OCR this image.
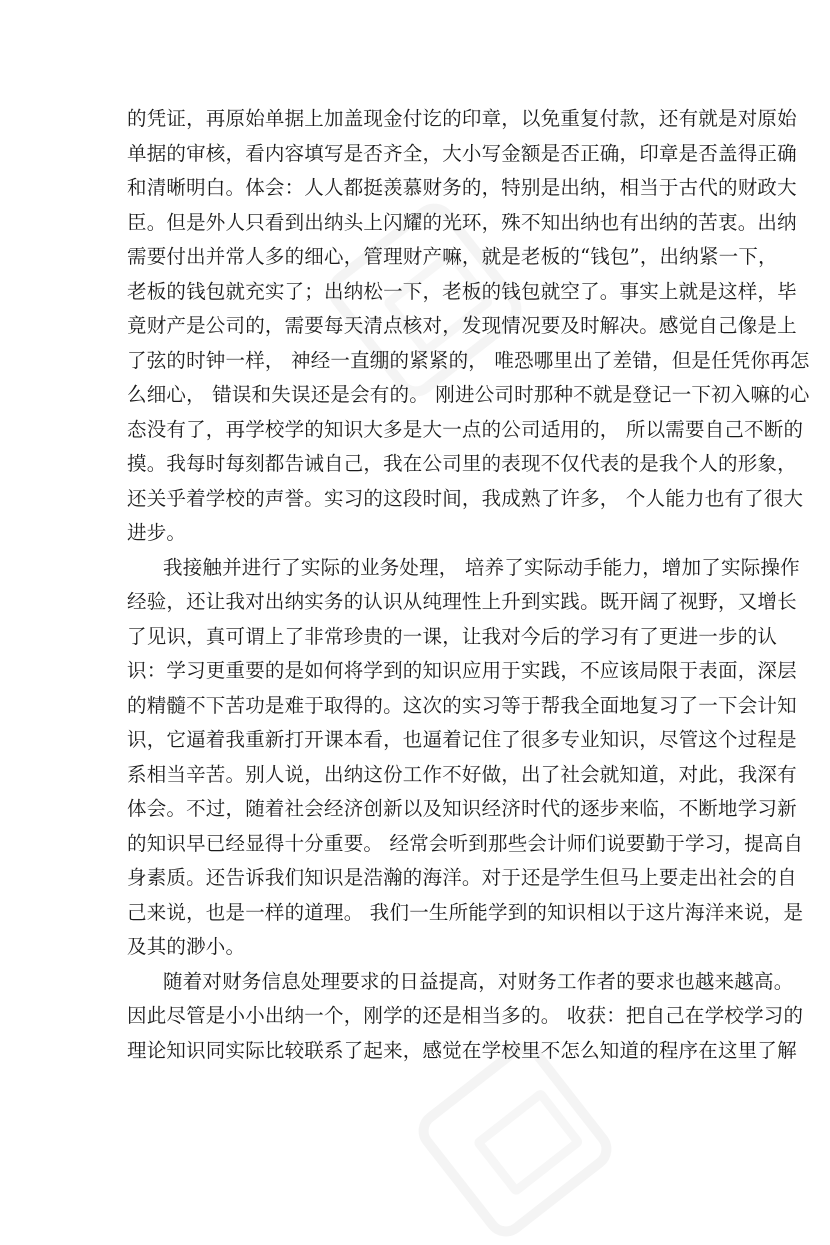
的凭证，再原始单据上加盖现金付讫的印章，以免重复付款，还有就是对原始
单据的审核，看内容填写是否齐全，大小写金额是否正确，印章是否盖得正确
和清晰明白。体会：人人都挺羡慕财务的，特别是出纳，相当于古代的财政大
臣。但是外人只看到出纳头上闪耀的光环，殊不知出纳也有出纳的苦衷。出纳
需要付出并常人多的细心，管理财产嘛，就是老板的“钱包”，出纳紧一下，
老板的钱包就充实了；出纳松一下，老板的钱包就空了。事实上就是这样，毕
竟财产是公司的，需要每天清点核对，发现情况要及时解决。感觉自己像是上
了弦的时钟一样， 神经一直绷的紧紧的， 唯恐哪里出了差错，但是任凭你再怎
么细心， 错误和失误还是会有的。 刚进公司时那种不就是登记一下初入嘛的心
态没有了，再学校学的知识大多是大一点的公司适用的， 所以需要自己不断的
摸。我每时每刻都告诫自己，我在公司里的表现不仅代表的是我个人的形象，
还关乎着学校的声誉。实习的这段时间，我成熟了许多， 个人能力也有了很大
进步。
我接触并进行了实际的业务处理， 培养了实际动手能力，增加了实际操作
经验，还让我对出纳实务的认识从纯理性上升到实践。既开阔了视野，又增长
了见识，真可谓上了非常珍贵的一课，让我对今后的学习有了更进一步的认
识：学习更重要的是如何将学到的知识应用于实践，不应该局限于表面，深层
的精髓不下苦功是难于取得的。这次的实习等于帮我全面地复习了一下会计知
识，它逼着我重新打开课本看，也逼着记住了很多专业知识，尽管这个过程是
系相当辛苦。别人说，出纳这份工作不好做，出了社会就知道，对此，我深有
体会。不过，随着社会经济创新以及知识经济时代的逐步来临，不断地学习新
的知识早已经显得十分重要。 经常会听到那些会计师们说要勤于学习，提高自
身素质。还告诉我们知识是浩瀚的海洋。对于还是学生但马上要走出社会的自
己来说，也是一样的道理。 我们一生所能学到的知识相以于这片海洋来说，是
及其的渺小。
随着对财务信息处理要求的日益提高，对财务工作者的要求也越来越高。
因此尽管是小小出纳一个，刚学的还是相当多的。 收获：把自己在学校学习的
理论知识同实际比较联系了起来，感觉在学校里不怎么知道的程序在这里了解
